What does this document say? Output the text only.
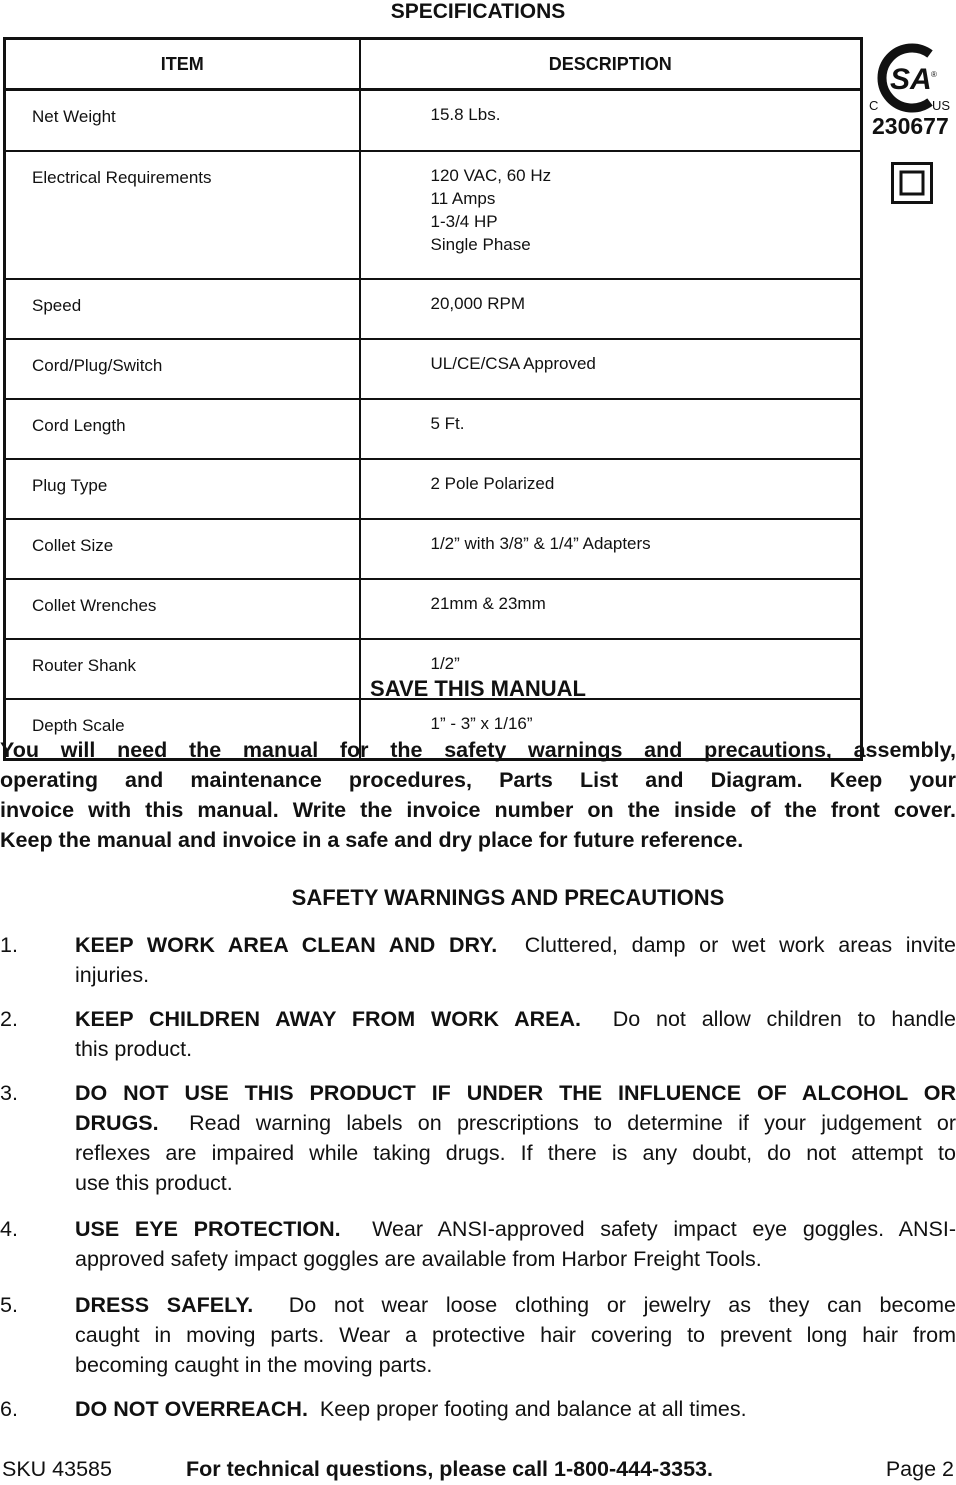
SPECIFICATIONS
ITEM	DESCRIPTION
Net Weight	15.8 Lbs.

Electrical Requirements	120 VAC, 60 Hz
11 Amps
1-3/4 HP
Single Phase

Speed	20,000 RPM

Cord/Plug/Switch	UL/CE/CSA Approved

Cord Length	5 Ft.

Plug Type	2 Pole Polarized

Collet Size	1/2” with 3/8” & 1/4” Adapters

Collet Wrenches	21mm & 23mm

Router Shank	1/2”

Depth Scale	1” - 3” x 1/16”
SA ®
C	US
230677
SAVE THIS MANUAL
You will need the manual for the safety warnings and precautions, assembly,
operating and maintenance procedures, Parts List and Diagram. Keep your
invoice with this manual. Write the invoice number on the inside of the front cover.
Keep the manual and invoice in a safe and dry place for future reference.
SAFETY WARNINGS AND PRECAUTIONS
1.	KEEP WORK AREA CLEAN AND DRY. Cluttered, damp or wet work areas invite
injuries.
2.	KEEP CHILDREN AWAY FROM WORK AREA. Do not allow children to handle
this product.
3.	DO NOT USE THIS PRODUCT IF UNDER THE INFLUENCE OF ALCOHOL OR
DRUGS. Read warning labels on prescriptions to determine if your judgement or
reflexes are impaired while taking drugs. If there is any doubt, do not attempt to
use this product.
4.	USE EYE PROTECTION. Wear ANSI-approved safety impact eye goggles. ANSI-
approved safety impact goggles are available from Harbor Freight Tools.
5.	DRESS SAFELY. Do not wear loose clothing or jewelry as they can become
caught in moving parts. Wear a protective hair covering to prevent long hair from
becoming caught in the moving parts.
6.	DO NOT OVERREACH. Keep proper footing and balance at all times.
SKU 43585	For technical questions, please call 1-800-444-3353.	Page 2
